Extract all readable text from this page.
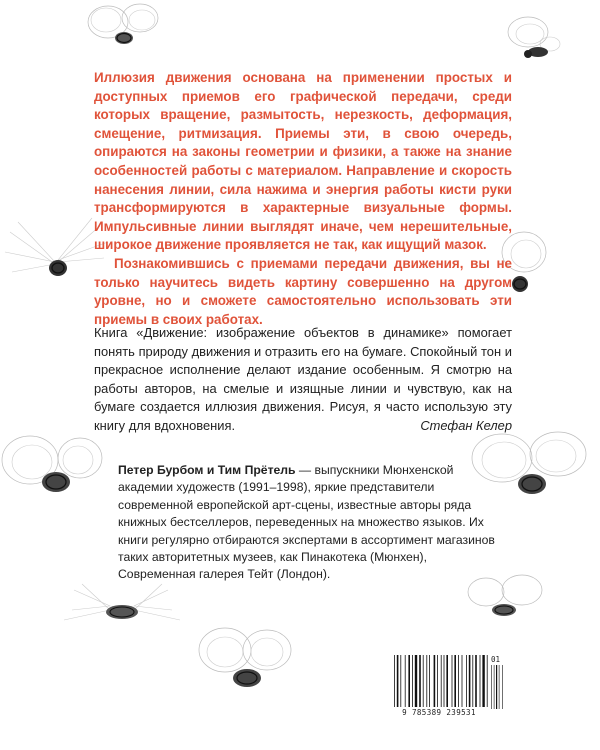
Иллюзия движения основана на применении простых и доступных приемов его графической передачи, среди которых вращение, размытость, нерезкость, деформация, смещение, ритмизация. Приемы эти, в свою очередь, опираются на законы геометрии и физики, а также на знание особенностей работы с материалом. Направление и скорость нанесения линии, сила нажима и энергия работы кисти руки трансформируются в характерные визуальные формы. Импульсивные линии выглядят иначе, чем нерешительные, широкое движение проявляется не так, как ищущий мазок.

Познакомившись с приемами передачи движения, вы не только научитесь видеть картину совершенно на другом уровне, но и сможете самостоятельно использовать эти приемы в своих работах.

Книга «Движение: изображение объектов в динамике» помогает понять природу движения и отразить его на бумаге. Спокойный тон и прекрасное исполнение делают издание особенным. Я смотрю на работы авторов, на смелые и изящные линии и чувствую, как на бумаге создается иллюзия движения. Рисуя, я часто использую эту книгу для вдохновения.	Стефан Келер

Петер Бурбом и Тим Прётель — выпускники Мюнхенской академии художеств (1991–1998), яркие представители современной европейской арт-сцены, известные авторы ряда книжных бестселлеров, переведенных на множество языков. Их книги регулярно отбираются экспертами в ассортимент магазинов таких авторитетных музеев, как Пинакотека (Мюнхен), Современная галерея Тейт (Лондон).

9 785389 239531
01
